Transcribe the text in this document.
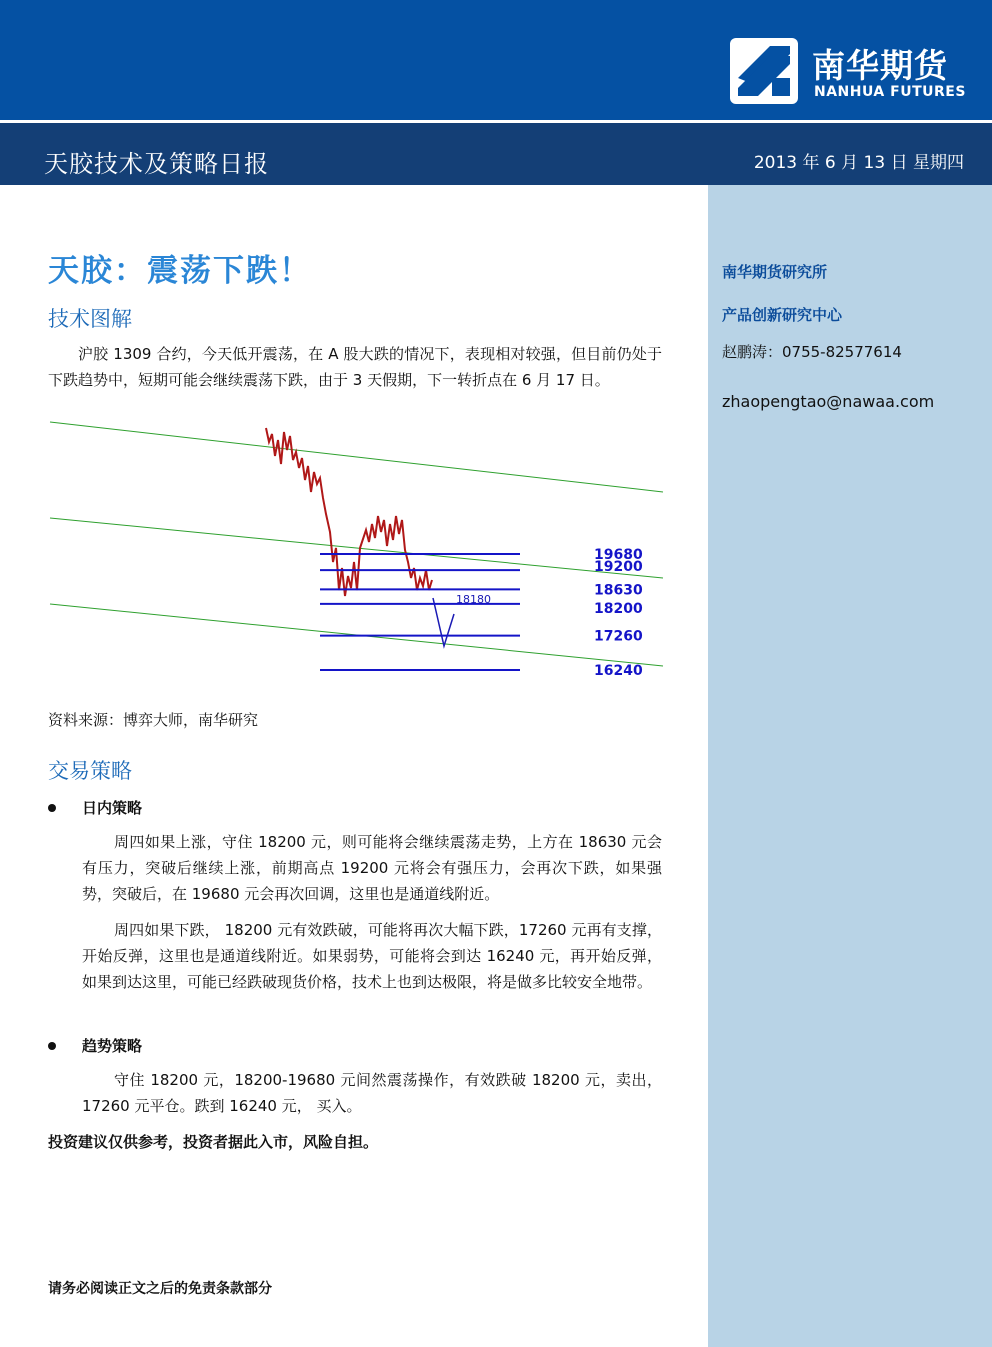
南华期货
NANHUA FUTURES
天胶技术及策略日报	2013 年 6 月 13 日 星期四
南华期货研究所
产品创新研究中心
赵鹏涛：0755-82577614
zhaopengtao@nawaa.com
天胶：震荡下跌！
技术图解
沪胶 1309 合约，今天低开震荡，在 A 股大跌的情况下，表现相对较强，但目前仍处于下跌趋势中，短期可能会继续震荡下跌，由于 3 天假期，下一转折点在 6 月 17 日。
资料来源：博弈大师，南华研究
交易策略
日内策略
周四如果上涨，守住 18200 元，则可能将会继续震荡走势，上方在 18630 元会有压力，突破后继续上涨，前期高点 19200 元将会有强压力，会再次下跌，如果强势，突破后，在 19680 元会再次回调，这里也是通道线附近。
周四如果下跌， 18200 元有效跌破，可能将再次大幅下跌，17260 元再有支撑，开始反弹，这里也是通道线附近。如果弱势，可能将会到达 16240 元，再开始反弹，如果到达这里，可能已经跌破现货价格，技术上也到达极限，将是做多比较安全地带。
趋势策略
守住 18200 元，18200-19680 元间然震荡操作，有效跌破 18200 元，卖出，17260 元平仓。跌到 16240 元， 买入。
投资建议仅供参考，投资者据此入市，风险自担。
19680
19200
18630
18200
17260
16240
18180
请务必阅读正文之后的免责条款部分
